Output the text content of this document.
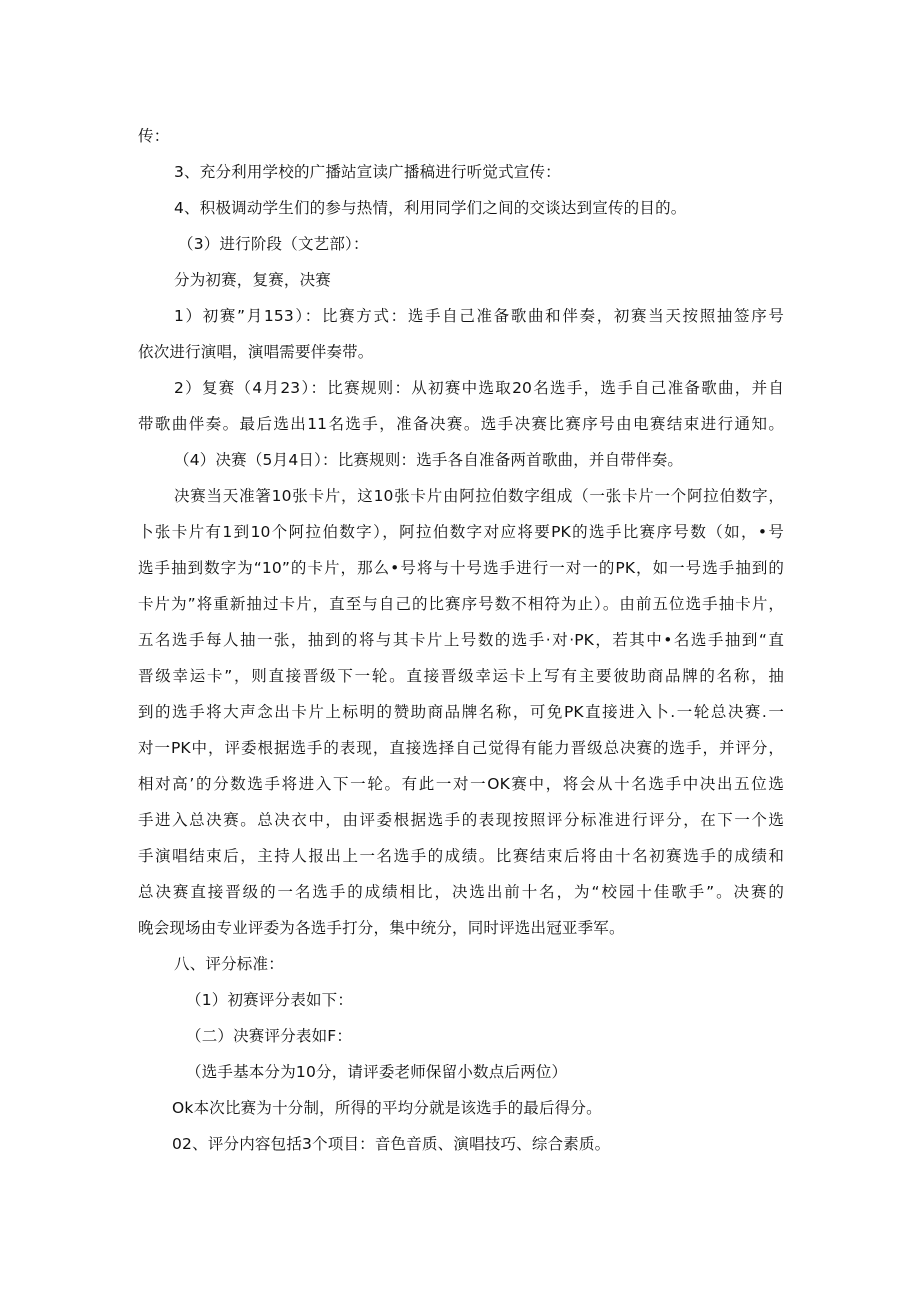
传：
3、充分利用学校的广播站宣读广播稿进行听觉式宣传：
4、积极调动学生们的参与热情，利用同学们之间的交谈达到宣传的目的。
（3）进行阶段（文艺部）：
分为初赛，复赛，决赛
1）初赛”月153）：比赛方式：选手自己准备歌曲和伴奏，初赛当天按照抽签序号
依次进行演唱，演唱需要伴奏带。
2）复赛（4月23）：比赛规则：从初赛中选取20名选手，选手自己准备歌曲，并自
带歌曲伴奏。最后选出11名选手，准备决赛。选手决赛比赛序号由电赛结束进行通知。
（4）决赛（5月4日）：比赛规则：选手各自准备两首歌曲，并自带伴奏。
决赛当天准箸10张卡片，这10张卡片由阿拉伯数字组成（一张卡片一个阿拉伯数字，
卜张卡片有1到10个阿拉伯数字），阿拉伯数字对应将要PK的选手比赛序号数（如，•号
选手抽到数字为“10”的卡片，那么•号将与十号选手进行一对一的PK，如一号选手抽到的
卡片为”将重新抽过卡片，直至与自己的比赛序号数不相符为止）。由前五位选手抽卡片，
五名选手每人抽一张，抽到的将与其卡片上号数的选手·对·PK，若其中•名选手抽到“直
晋级幸运卡”，则直接晋级下一轮。直接晋级幸运卡上写有主要彼助商品牌的名称，抽
到的选手将大声念出卡片上标明的赞助商品牌名称，可免PK直接进入卜.一轮总决赛.一
对一PK中，评委根据选手的表现，直接选择自己觉得有能力晋级总决赛的选手，并评分，
相对高’的分数选手将进入下一轮。有此一对一OK赛中，将会从十名选手中决出五位选
手进入总决赛。总决衣中，由评委根据选手的表现按照评分标准进行评分，在下一个选
手演唱结束后，主持人报出上一名选手的成绩。比赛结束后将由十名初赛选手的成绩和
总决赛直接晋级的一名选手的成绩相比，决选出前十名，为“校园十佳歌手”。决赛的
晚会现场由专业评委为各选手打分，集中统分，同时评选出冠亚季军。
八、评分标准：
（1）初赛评分表如下：
（二）决赛评分表如F：
（选手基本分为10分，请评委老师保留小数点后两位）
Ok本次比赛为十分制，所得的平均分就是该选手的最后得分。
02、评分内容包括3个项目：音色音质、演唱技巧、综合素质。
